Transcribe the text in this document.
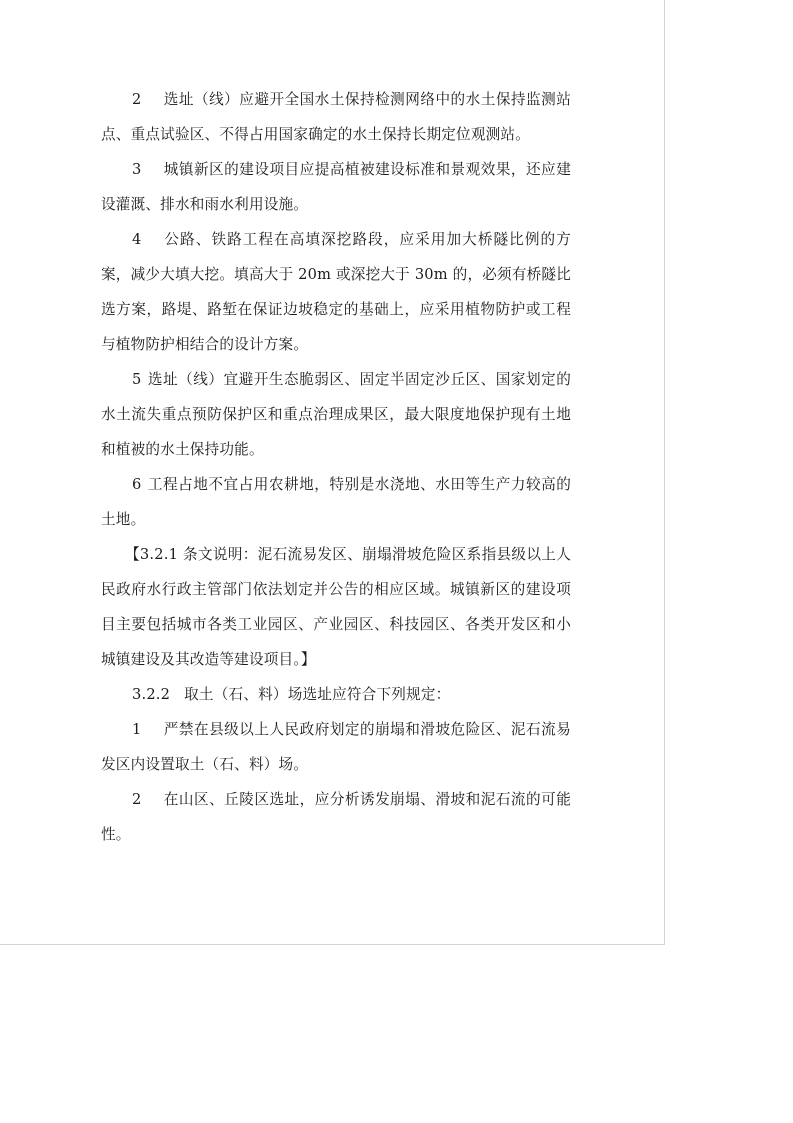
2 选址（线）应避开全国水土保持检测网络中的水土保持监测站点、重点试验区、不得占用国家确定的水土保持长期定位观测站。

3 城镇新区的建设项目应提高植被建设标准和景观效果，还应建设灌溉、排水和雨水利用设施。

4 公路、铁路工程在高填深挖路段，应采用加大桥隧比例的方案，减少大填大挖。填高大于 20m 或深挖大于 30m 的，必须有桥隧比选方案，路堤、路堑在保证边坡稳定的基础上，应采用植物防护或工程与植物防护相结合的设计方案。

5 选址（线）宜避开生态脆弱区、固定半固定沙丘区、国家划定的水土流失重点预防保护区和重点治理成果区，最大限度地保护现有土地和植被的水土保持功能。

6 工程占地不宜占用农耕地，特别是水浇地、水田等生产力较高的土地。

【3.2.1 条文说明：泥石流易发区、崩塌滑坡危险区系指县级以上人民政府水行政主管部门依法划定并公告的相应区域。城镇新区的建设项目主要包括城市各类工业园区、产业园区、科技园区、各类开发区和小城镇建设及其改造等建设项目。】

3.2.2 取土（石、料）场选址应符合下列规定：

1 严禁在县级以上人民政府划定的崩塌和滑坡危险区、泥石流易发区内设置取土（石、料）场。

2 在山区、丘陵区选址，应分析诱发崩塌、滑坡和泥石流的可能性。
